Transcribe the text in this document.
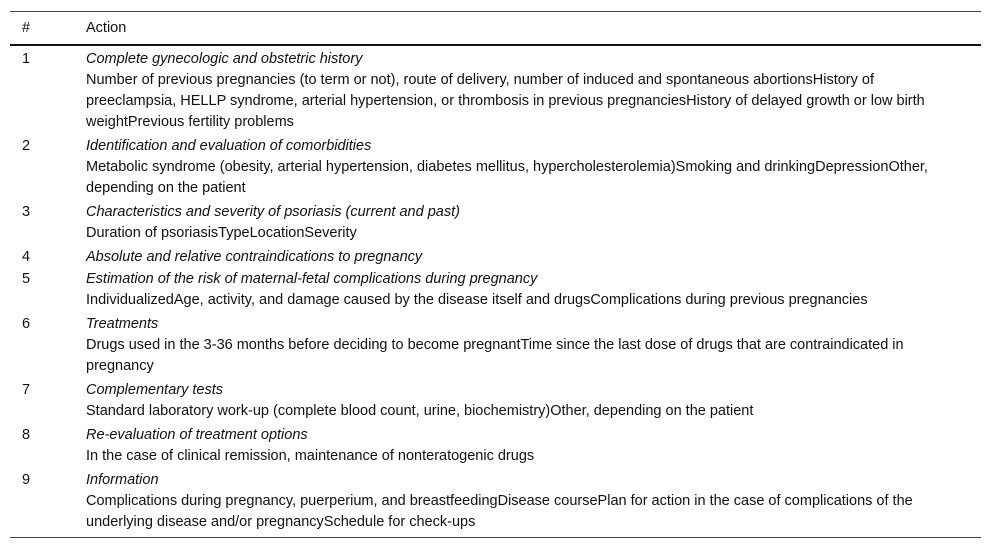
#	Action
1	Complete gynecologic and obstetric history
	Number of previous pregnancies (to term or not), route of delivery, number of induced and spontaneous abortionsHistory of preeclampsia, HELLP syndrome, arterial hypertension, or thrombosis in previous pregnanciesHistory of delayed growth or low birth weightPrevious fertility problems
2	Identification and evaluation of comorbidities
	Metabolic syndrome (obesity, arterial hypertension, diabetes mellitus, hypercholesterolemia)Smoking and drinkingDepressionOther, depending on the patient
3	Characteristics and severity of psoriasis (current and past)
	Duration of psoriasisTypeLocationSeverity
4	Absolute and relative contraindications to pregnancy
5	Estimation of the risk of maternal-fetal complications during pregnancy
	IndividualizedAge, activity, and damage caused by the disease itself and drugsComplications during previous pregnancies
6	Treatments
	Drugs used in the 3-36 months before deciding to become pregnantTime since the last dose of drugs that are contraindicated in pregnancy
7	Complementary tests
	Standard laboratory work-up (complete blood count, urine, biochemistry)Other, depending on the patient
8	Re-evaluation of treatment options
	In the case of clinical remission, maintenance of nonteratogenic drugs
9	Information
	Complications during pregnancy, puerperium, and breastfeedingDisease coursePlan for action in the case of complications of the underlying disease and/or pregnancySchedule for check-ups
